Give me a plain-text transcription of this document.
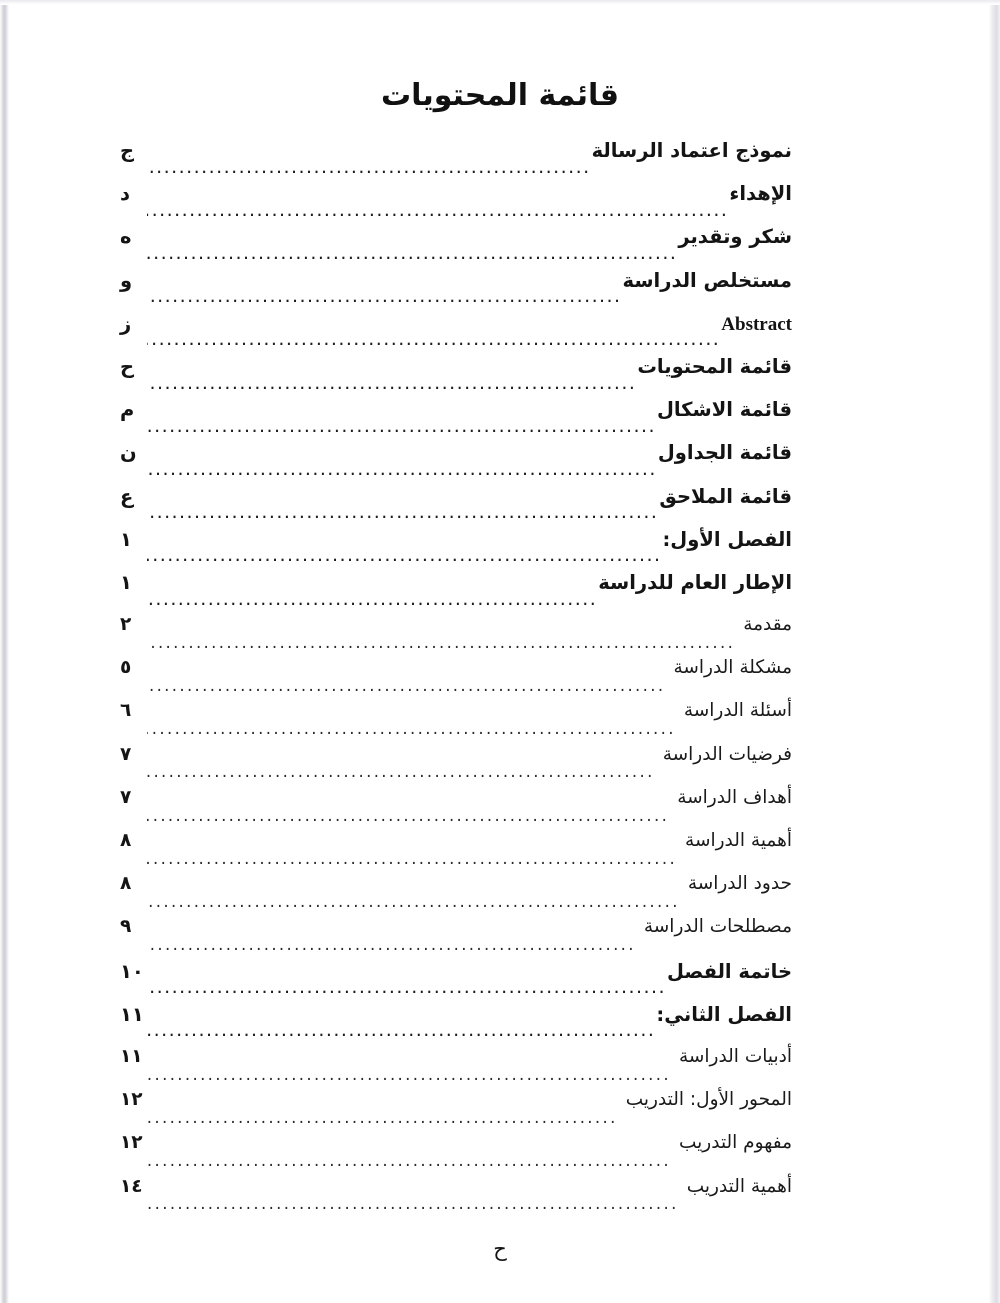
قائمة المحتويات
نموذج اعتماد الرسالة
.....
ج
الإهداء
.....
د
شكر وتقدير
.....
ه
مستخلص الدراسة
.....
و
Abstract
.....
ز
قائمة المحتويات
.....
ح
قائمة الاشكال
.....
م
قائمة الجداول
.....
ن
قائمة الملاحق
.....
ع
الفصل الأول:
.....
١
الإطار العام للدراسة
.....
١
مقدمة
.....
٢
مشكلة الدراسة
.....
٥
أسئلة الدراسة
.....
٦
فرضيات الدراسة
.....
٧
أهداف الدراسة
.....
٧
أهمية الدراسة
.....
٨
حدود الدراسة
.....
٨
مصطلحات الدراسة
.....
٩
خاتمة الفصل
.....
١٠
الفصل الثاني:
.....
١١
أدبيات الدراسة
.....
١١
المحور الأول: التدريب
.....
١٢
مفهوم التدريب
.....
١٢
أهمية التدريب
.....
١٤
ح
